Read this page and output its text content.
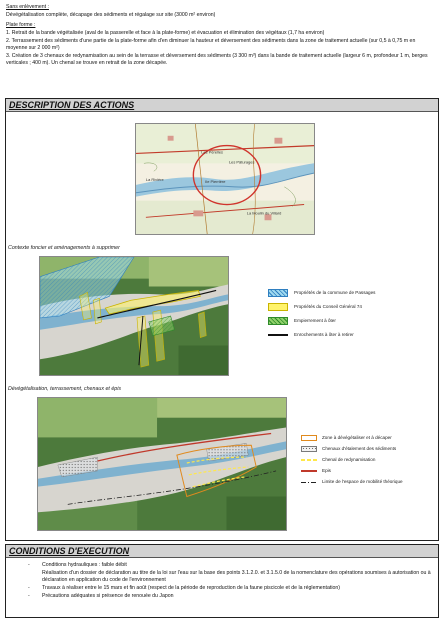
Sans enlèvement :

Dévégétalisation complète, décapage des sédiments et régalage sur site (3000 m² environ)

Plate forme :

1. Retrait de la bande végétalisée (aval de la passerelle et face à la plate-forme) et évacuation et élimination des végétaux (1,7 ha environ)

2. Terrassement des sédiments d'une partie de la plate-forme afin d'en diminuer la hauteur et déversement des sédiments dans la zone de traitement actuelle (sur 0,5 à 0,75 m en moyenne sur 2 000 m²)

3. Création de 3 chenaux de redynamisation au sein de la terrasse et déversement des sédiments (3 300 m³) dans la bande de traitement actuelle (largeur 6 m, profondeur 1 m, berges verticales ; 400 m). Un chenal se trouve en retrait de la zone décapée.

DESCRIPTION DES ACTIONS
Les Pérelles
Les Pâturages
Ile Pierrière
La Rivière
La Moulin du Villard
Contexte foncier et aménagements à supprimer
Propriétés de la commune de Passages
Propriétés du Conseil Général 74
Empierrement à ôter
Enrochements à ôter à retirer
Dévégétalisation, terrassement, chenaux et épis
Zone à dévégétaliser et à décaper
Chenaux d'étalement des sédiments
Chenal de redynamisation
Epis
Limite de l'espace de mobilité théorique
CONDITIONS D'EXECUTION
- Conditions hydrauliques : faible débit
Réalisation d'un dossier de déclaration au titre de la loi sur l'eau sur la base des points 3.1.2.0. et 3.1.5.0 de la nomenclature des opérations soumises à autorisation ou à déclaration en application du code de l'environnement
- Travaux à réaliser entre le 15 mars et fin août (respect de la période de reproduction de la faune piscicole et de la réglementation)
- Précautions adéquates si présence de renouée du Japon
